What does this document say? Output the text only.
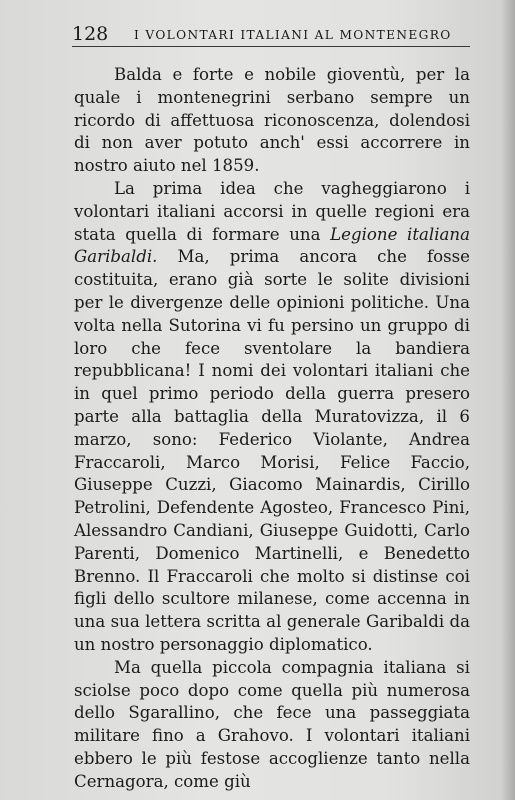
128 I VOLONTARI ITALIANI AL MONTENEGRO

Balda e forte e nobile gioventù, per la quale i montenegrini serbano sempre un ricordo di affettuosa riconoscenza, dolendosi di non aver potuto anch' essi accorrere in nostro aiuto nel 1859.

La prima idea che vagheggiarono i volontari italiani accorsi in quelle regioni era stata quella di formare una Legione italiana Garibaldi. Ma, prima ancora che fosse costituita, erano già sorte le solite divisioni per le divergenze delle opinioni politiche. Una volta nella Sutorina vi fu persino un gruppo di loro che fece sventolare la bandiera repubblicana! I nomi dei volontari italiani che in quel primo periodo della guerra presero parte alla battaglia della Muratovizza, il 6 marzo, sono: Federico Violante, Andrea Fraccaroli, Marco Morisi, Felice Faccio, Giuseppe Cuzzi, Giacomo Mainardis, Cirillo Petrolini, Defendente Agosteo, Francesco Pini, Alessandro Candiani, Giuseppe Guidotti, Carlo Parenti, Domenico Martinelli, e Benedetto Brenno. Il Fraccaroli che molto si distinse coi figli dello scultore milanese, come accenna in una sua lettera scritta al generale Garibaldi da un nostro personaggio diplomatico.

Ma quella piccola compagnia italiana si sciolse poco dopo come quella più numerosa dello Sgarallino, che fece una passeggiata militare fino a Grahovo. I volontari italiani ebbero le più festose accoglienze tanto nella Cernagora, come giù
